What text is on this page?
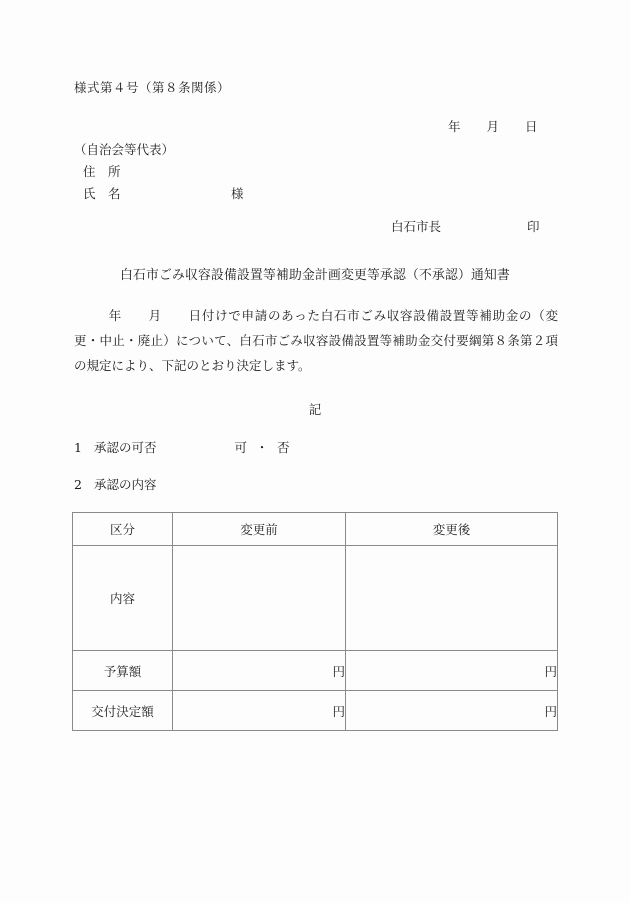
様式第４号（第８条関係）
年 月 日
（自治会等代表）
住　所
氏　名	様
白石市長	印
白石市ごみ収容設備設置等補助金計画変更等承認（不承認）通知書
年 月 日付けで申請のあった白石市ごみ収容設備設置等補助金の（変更・中止・廃止）について、白石市ごみ収容設備設置等補助金交付要綱第８条第２項の規定により、下記のとおり決定します。
記
1 承認の可否	可 ・ 否
2 承認の内容
区分	変更前	変更後
内容		
予算額	円	円
交付決定額	円	円
